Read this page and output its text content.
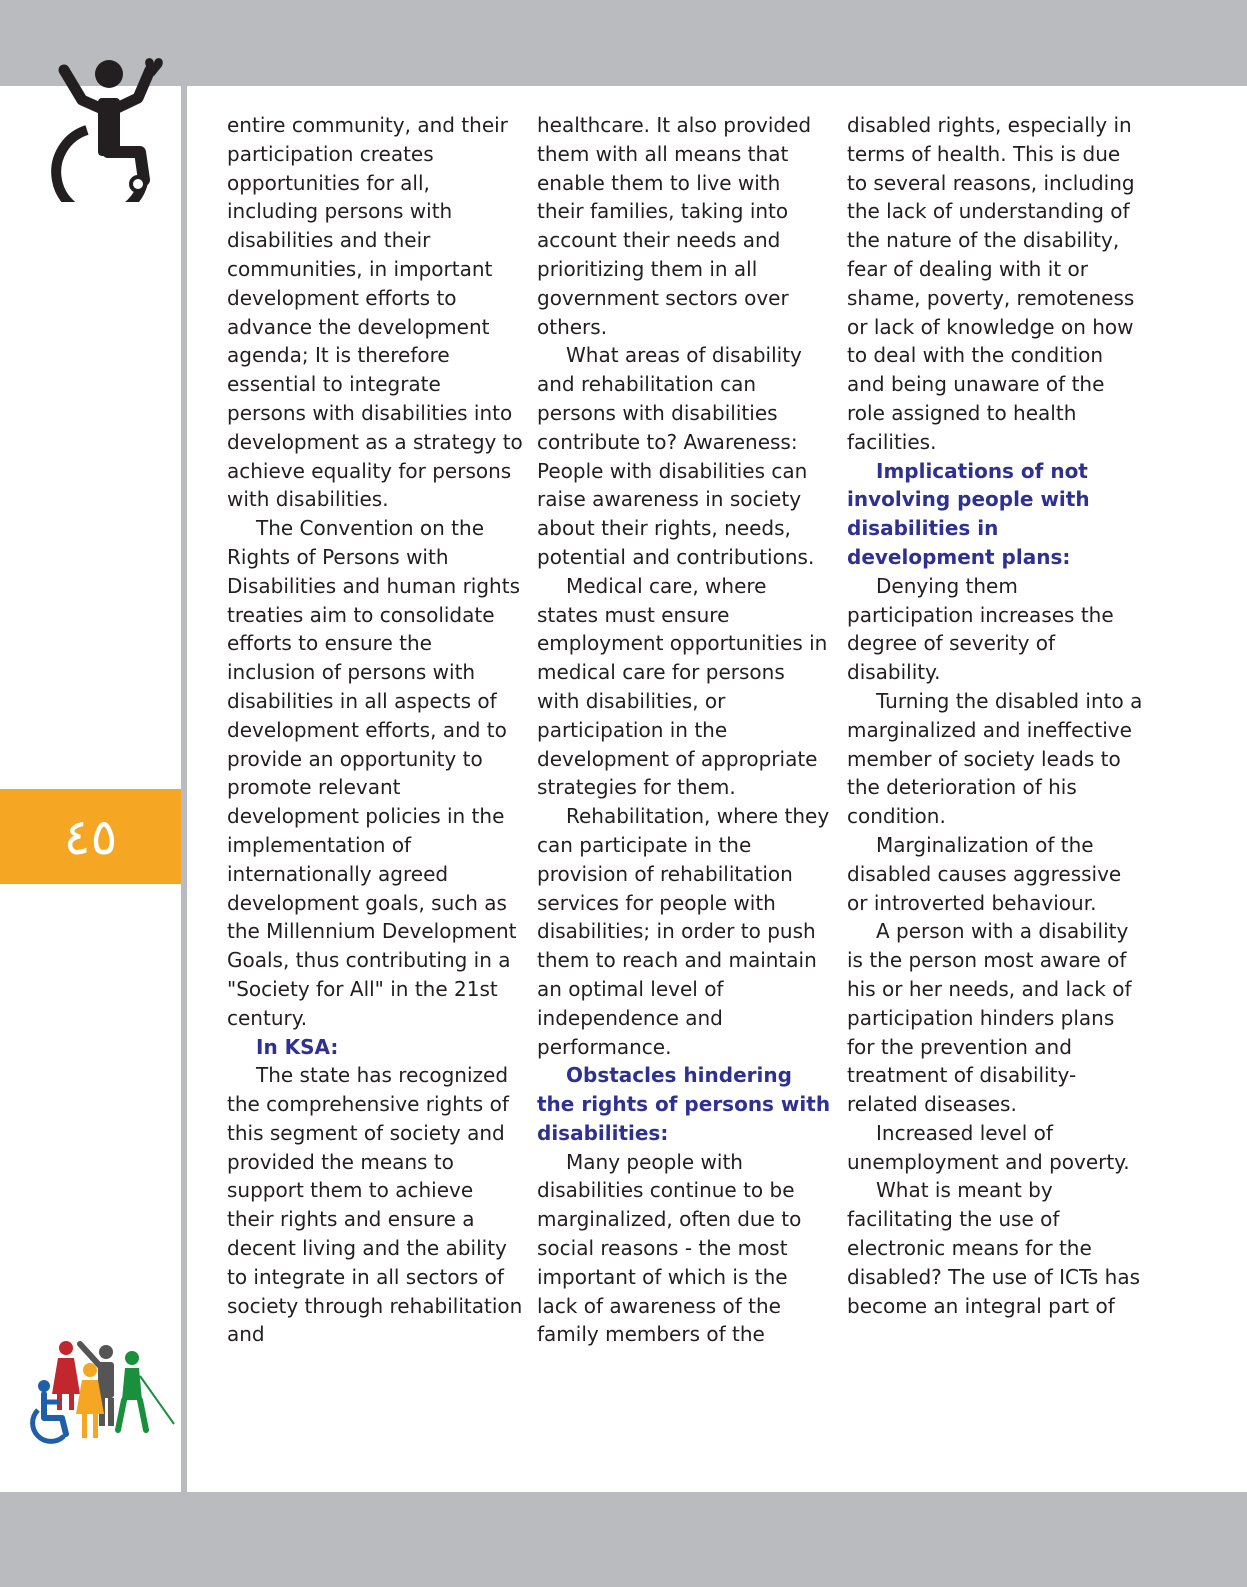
٤٥

entire community, and their participation creates opportunities for all, including persons with disabilities and their communities, in important development efforts to advance the development agenda; It is therefore essential to integrate persons with disabilities into development as a strategy to achieve equality for persons with disabilities.

The Convention on the Rights of Persons with Disabilities and human rights treaties aim to consolidate efforts to ensure the inclusion of persons with disabilities in all aspects of development efforts, and to provide an opportunity to promote relevant development policies in the implementation of internationally agreed development goals, such as the Millennium Development Goals, thus contributing in a "Society for All" in the 21st century.

In KSA:

The state has recognized the comprehensive rights of this segment of society and provided the means to support them to achieve their rights and ensure a decent living and the ability to integrate in all sectors of society through rehabilitation and

healthcare. It also provided them with all means that enable them to live with their families, taking into account their needs and prioritizing them in all government sectors over others.

What areas of disability and rehabilitation can persons with disabilities contribute to? Awareness: People with disabilities can raise awareness in society about their rights, needs, potential and contributions.

Medical care, where states must ensure employment opportunities in medical care for persons with disabilities, or participation in the development of appropriate strategies for them.

Rehabilitation, where they can participate in the provision of rehabilitation services for people with disabilities; in order to push them to reach and maintain an optimal level of independence and performance.

Obstacles hindering the rights of persons with disabilities:

Many people with disabilities continue to be marginalized, often due to social reasons - the most important of which is the lack of awareness of the family members of the

disabled rights, especially in terms of health. This is due to several reasons, including the lack of understanding of the nature of the disability, fear of dealing with it or shame, poverty, remoteness or lack of knowledge on how to deal with the condition and being unaware of the role assigned to health facilities.

Implications of not involving people with disabilities in development plans:

Denying them participation increases the degree of severity of disability.

Turning the disabled into a marginalized and ineffective member of society leads to the deterioration of his condition.

Marginalization of the disabled causes aggressive or introverted behaviour.

A person with a disability is the person most aware of his or her needs, and lack of participation hinders plans for the prevention and treatment of disability-related diseases.

Increased level of unemployment and poverty.

What is meant by facilitating the use of electronic means for the disabled? The use of ICTs has become an integral part of
